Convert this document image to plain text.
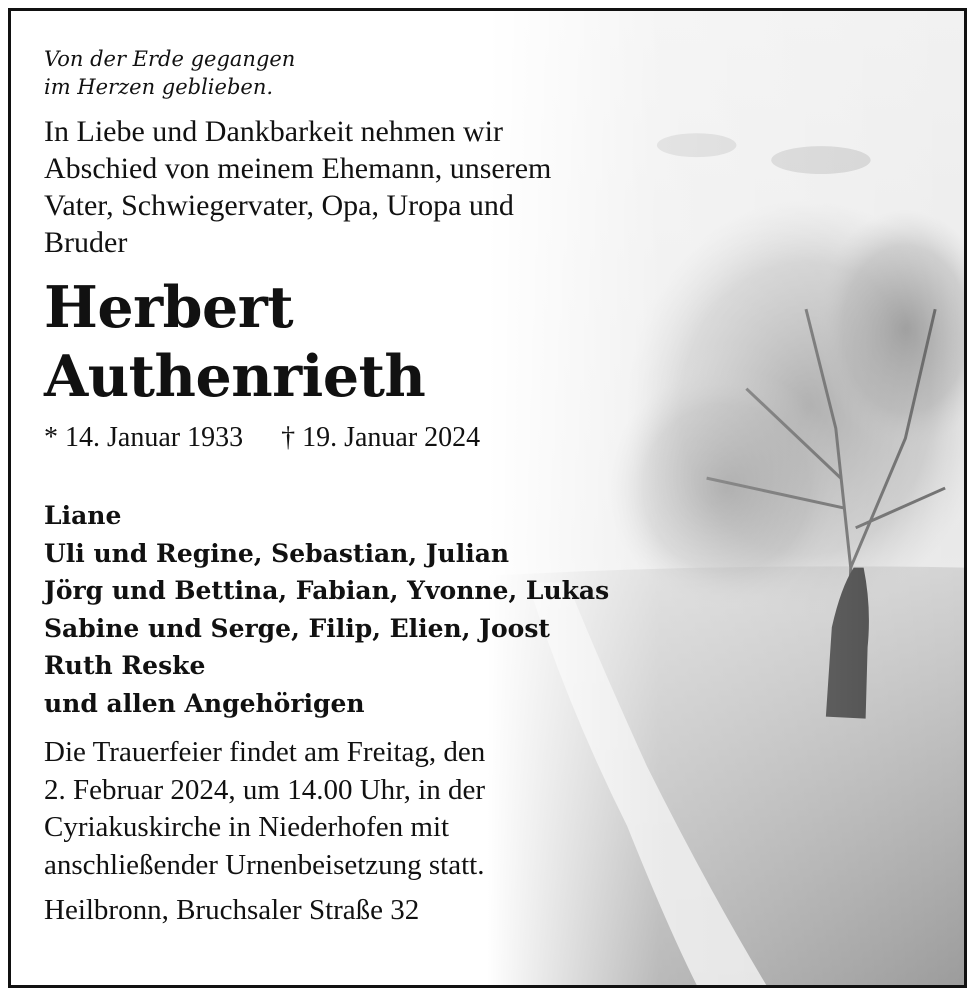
Von der Erde gegangen
im Herzen geblieben.

In Liebe und Dankbarkeit nehmen wir
Abschied von meinem Ehemann, unserem
Vater, Schwiegervater, Opa, Uropa und
Bruder

Herbert
Authenrieth

* 14. Januar 1933 † 19. Januar 2024

Liane
Uli und Regine, Sebastian, Julian
Jörg und Bettina, Fabian, Yvonne, Lukas
Sabine und Serge, Filip, Elien, Joost
Ruth Reske
und allen Angehörigen

Die Trauerfeier findet am Freitag, den
2. Februar 2024, um 14.00 Uhr, in der
Cyriakuskirche in Niederhofen mit
anschließender Urnenbeisetzung statt.

Heilbronn, Bruchsaler Straße 32
